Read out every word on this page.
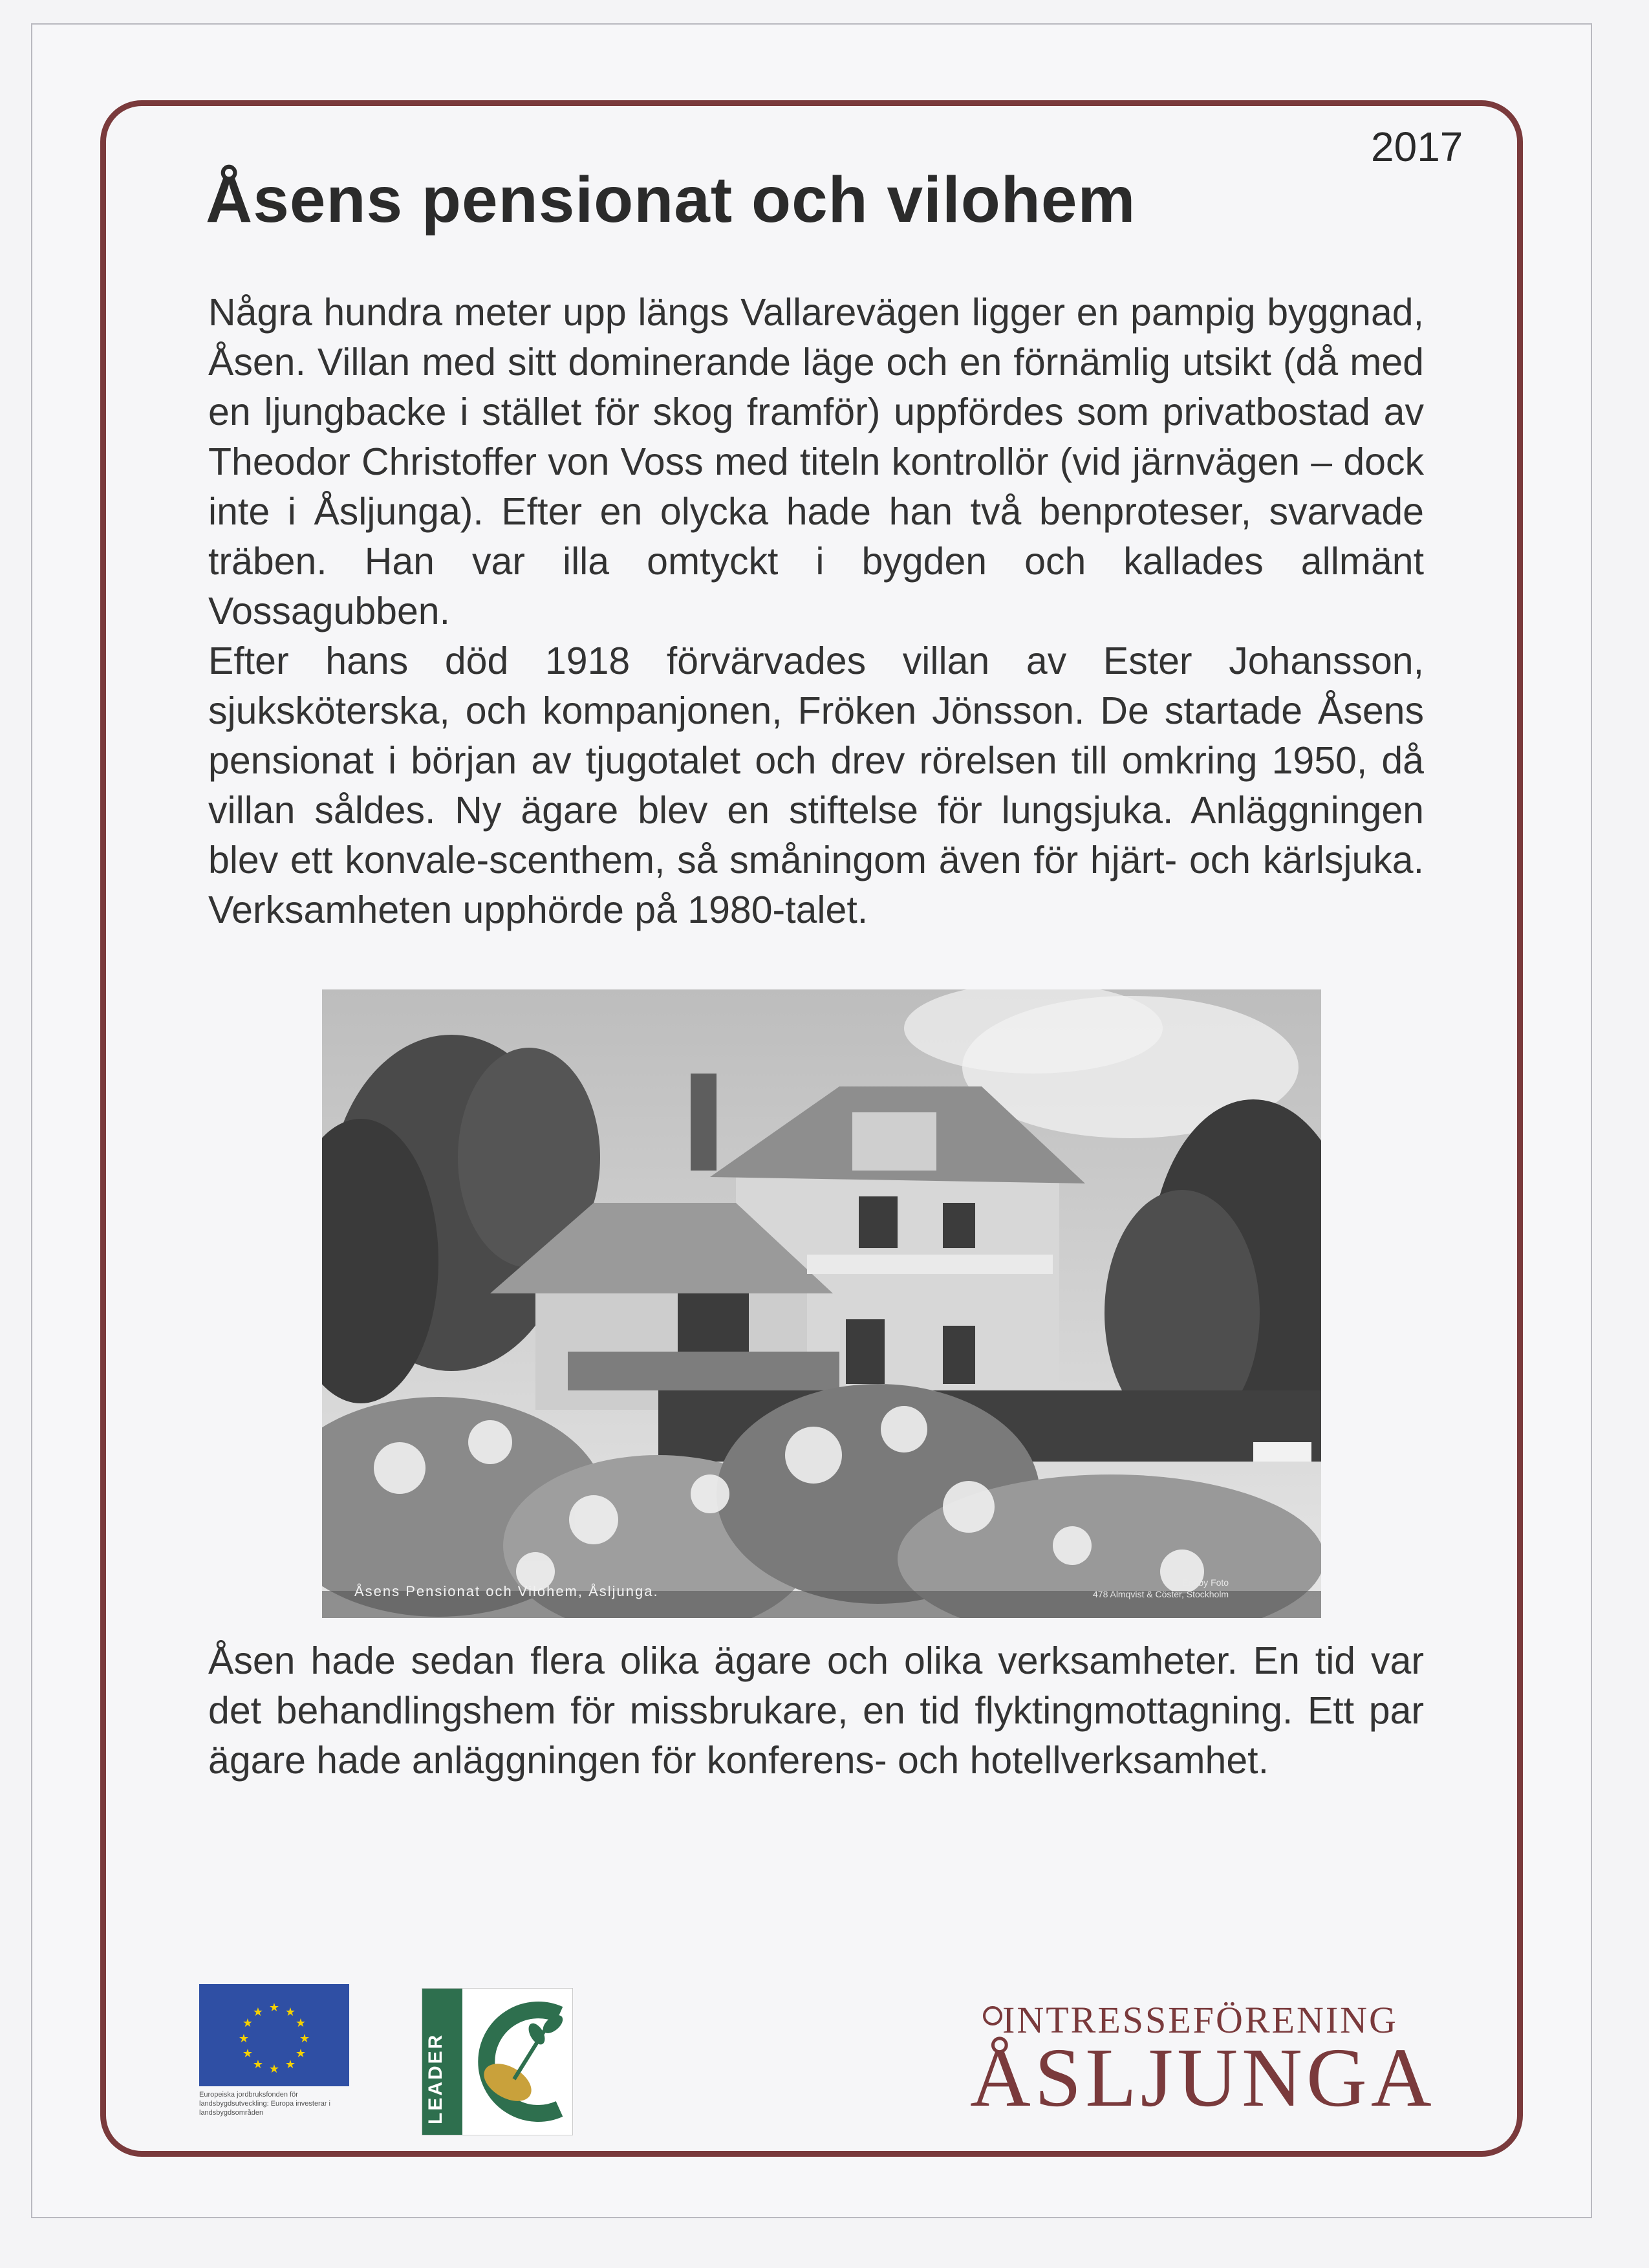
2017
Åsens pensionat och vilohem

Några hundra meter upp längs Vallarevägen ligger en pampig byggnad, Åsen. Villan med sitt dominerande läge och en förnämlig utsikt (då med en ljungbacke i stället för skog framför) uppfördes som privatbostad av Theodor Christoffer von Voss med titeln kontrollör (vid järnvägen – dock inte i Åsljunga). Efter en olycka hade han två benproteser, svarvade träben. Han var illa omtyckt i bygden och kallades allmänt Vossagubben.

Efter hans död 1918 förvärvades villan av Ester Johansson, sjuksköterska, och kompanjonen, Fröken Jönsson. De startade Åsens pensionat i början av tjugotalet och drev rörelsen till omkring 1950, då villan såldes. Ny ägare blev en stiftelse för lungsjuka. Anläggningen blev ett konvale-scenthem, så småningom även för hjärt- och kärlsjuka. Verksamheten upphörde på 1980-talet.

Åsens Pensionat och Vilohem, Åsljunga.
Eneby Foto
478 Almqvist & Cöster, Stockholm

Åsen hade sedan flera olika ägare och olika verksamheter. En tid var det behandlingshem för missbrukare, en tid flyktingmottagning. Ett par ägare hade anläggningen för konferens- och hotellverksamhet.

★ ★
★
★
★
★
★
★
★
★
★
★
Europeiska jordbruksfonden för landsbygdsutveckling: Europa investerar i landsbygdsområden	LEADER
INTRESSEFÖRENING
ÅSLJUNGA
